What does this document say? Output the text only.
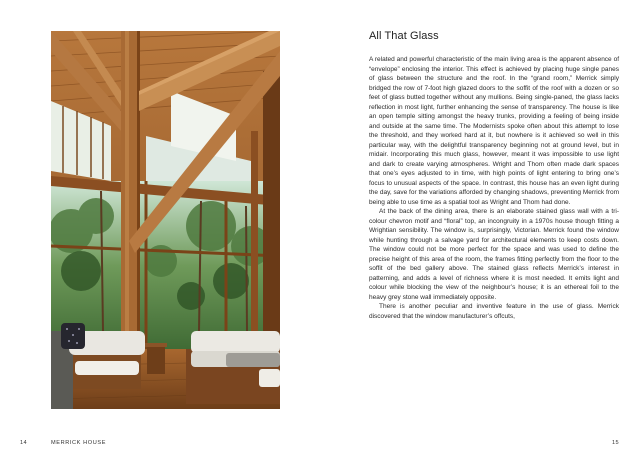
All That Glass

A related and powerful characteristic of the main living area is the apparent absence of “envelope” enclosing the interior. This effect is achieved by placing huge single panes of glass between the structure and the roof. In the “grand room,” Merrick simply bridged the row of 7-foot high glazed doors to the soffit of the roof with a dozen or so feet of glass butted together without any mullions. Being single-paned, the glass lacks reflection in most light, further enhancing the sense of transparency. The house is like an open temple sitting amongst the heavy trunks, providing a feeling of being inside and outside at the same time. The Modernists spoke often about this attempt to lose the threshold, and they worked hard at it, but nowhere is it achieved so well in this particular way, with the delightful transparency beginning not at ground level, but in midair. Incorporating this much glass, however, meant it was impossible to use light and dark to create varying atmospheres. Wright and Thom often made dark spaces that one’s eyes adjusted to in time, with high points of light entering to bring one’s focus to unusual aspects of the space. In contrast, this house has an even light during the day, save for the variations afforded by changing shadows, preventing Merrick from being able to use time as a spatial tool as Wright and Thom had done.

At the back of the dining area, there is an elaborate stained glass wall with a tri-colour chevron motif and “floral” top, an incongruity in a 1970s house though fitting a Wrightian sensibility. The window is, surprisingly, Victorian. Merrick found the window while hunting through a salvage yard for architectural elements to keep costs down. The window could not be more perfect for the space and was used to define the precise height of this area of the room, the frames fitting perfectly from the floor to the soffit of the bed gallery above. The stained glass reflects Merrick’s interest in patterning, and adds a level of richness where it is most needed. It emits light and colour while blocking the view of the neighbour’s house; it is an ethereal foil to the heavy grey stone wall immediately opposite.

There is another peculiar and inventive feature in the use of glass. Merrick discovered that the window manufacturer’s offcuts,

14	MERRICK HOUSE	15
